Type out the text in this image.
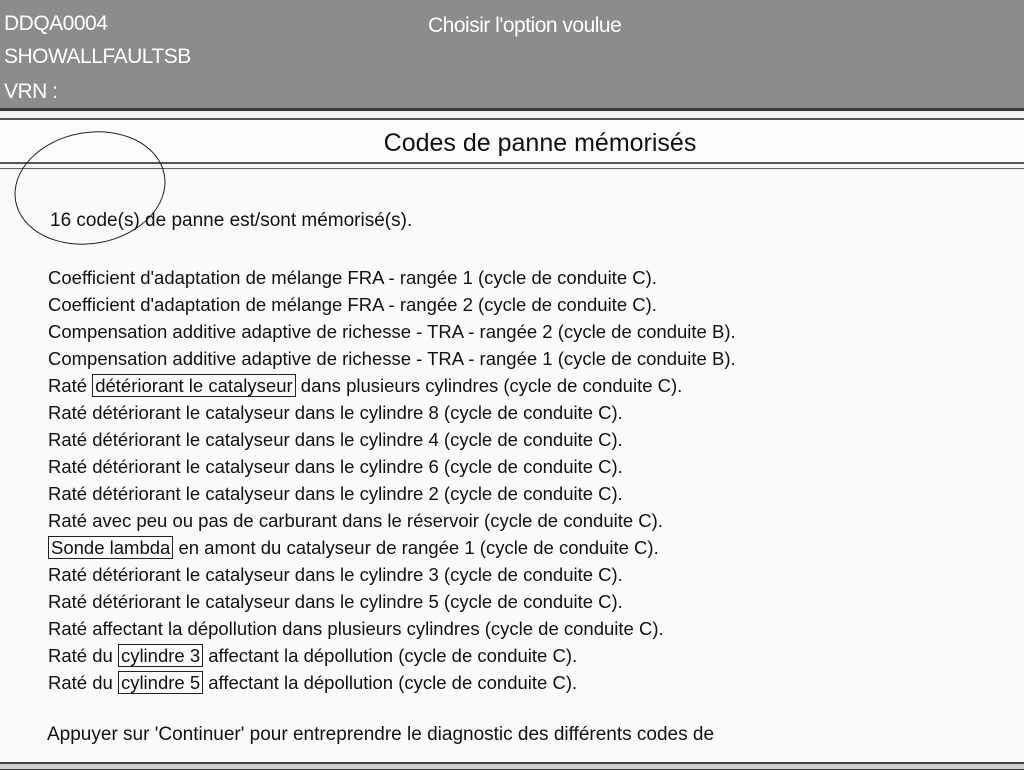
DDQA0004
SHOWALLFAULTSB
VRN :
Choisir l'option voulue
Codes de panne mémorisés
16 code(s) de panne est/sont mémorisé(s).
Coefficient d'adaptation de mélange FRA - rangée 1 (cycle de conduite C).
Coefficient d'adaptation de mélange FRA - rangée 2 (cycle de conduite C).
Compensation additive adaptive de richesse - TRA - rangée 2 (cycle de conduite B).
Compensation additive adaptive de richesse - TRA - rangée 1 (cycle de conduite B).
Raté détériorant le catalyseur dans plusieurs cylindres (cycle de conduite C).
Raté détériorant le catalyseur dans le cylindre 8 (cycle de conduite C).
Raté détériorant le catalyseur dans le cylindre 4 (cycle de conduite C).
Raté détériorant le catalyseur dans le cylindre 6 (cycle de conduite C).
Raté détériorant le catalyseur dans le cylindre 2 (cycle de conduite C).
Raté avec peu ou pas de carburant dans le réservoir (cycle de conduite C).
Sonde lambda en amont du catalyseur de rangée 1 (cycle de conduite C).
Raté détériorant le catalyseur dans le cylindre 3 (cycle de conduite C).
Raté détériorant le catalyseur dans le cylindre 5 (cycle de conduite C).
Raté affectant la dépollution dans plusieurs cylindres (cycle de conduite C).
Raté du cylindre 3 affectant la dépollution (cycle de conduite C).
Raté du cylindre 5 affectant la dépollution (cycle de conduite C).
Appuyer sur 'Continuer' pour entreprendre le diagnostic des différents codes de
